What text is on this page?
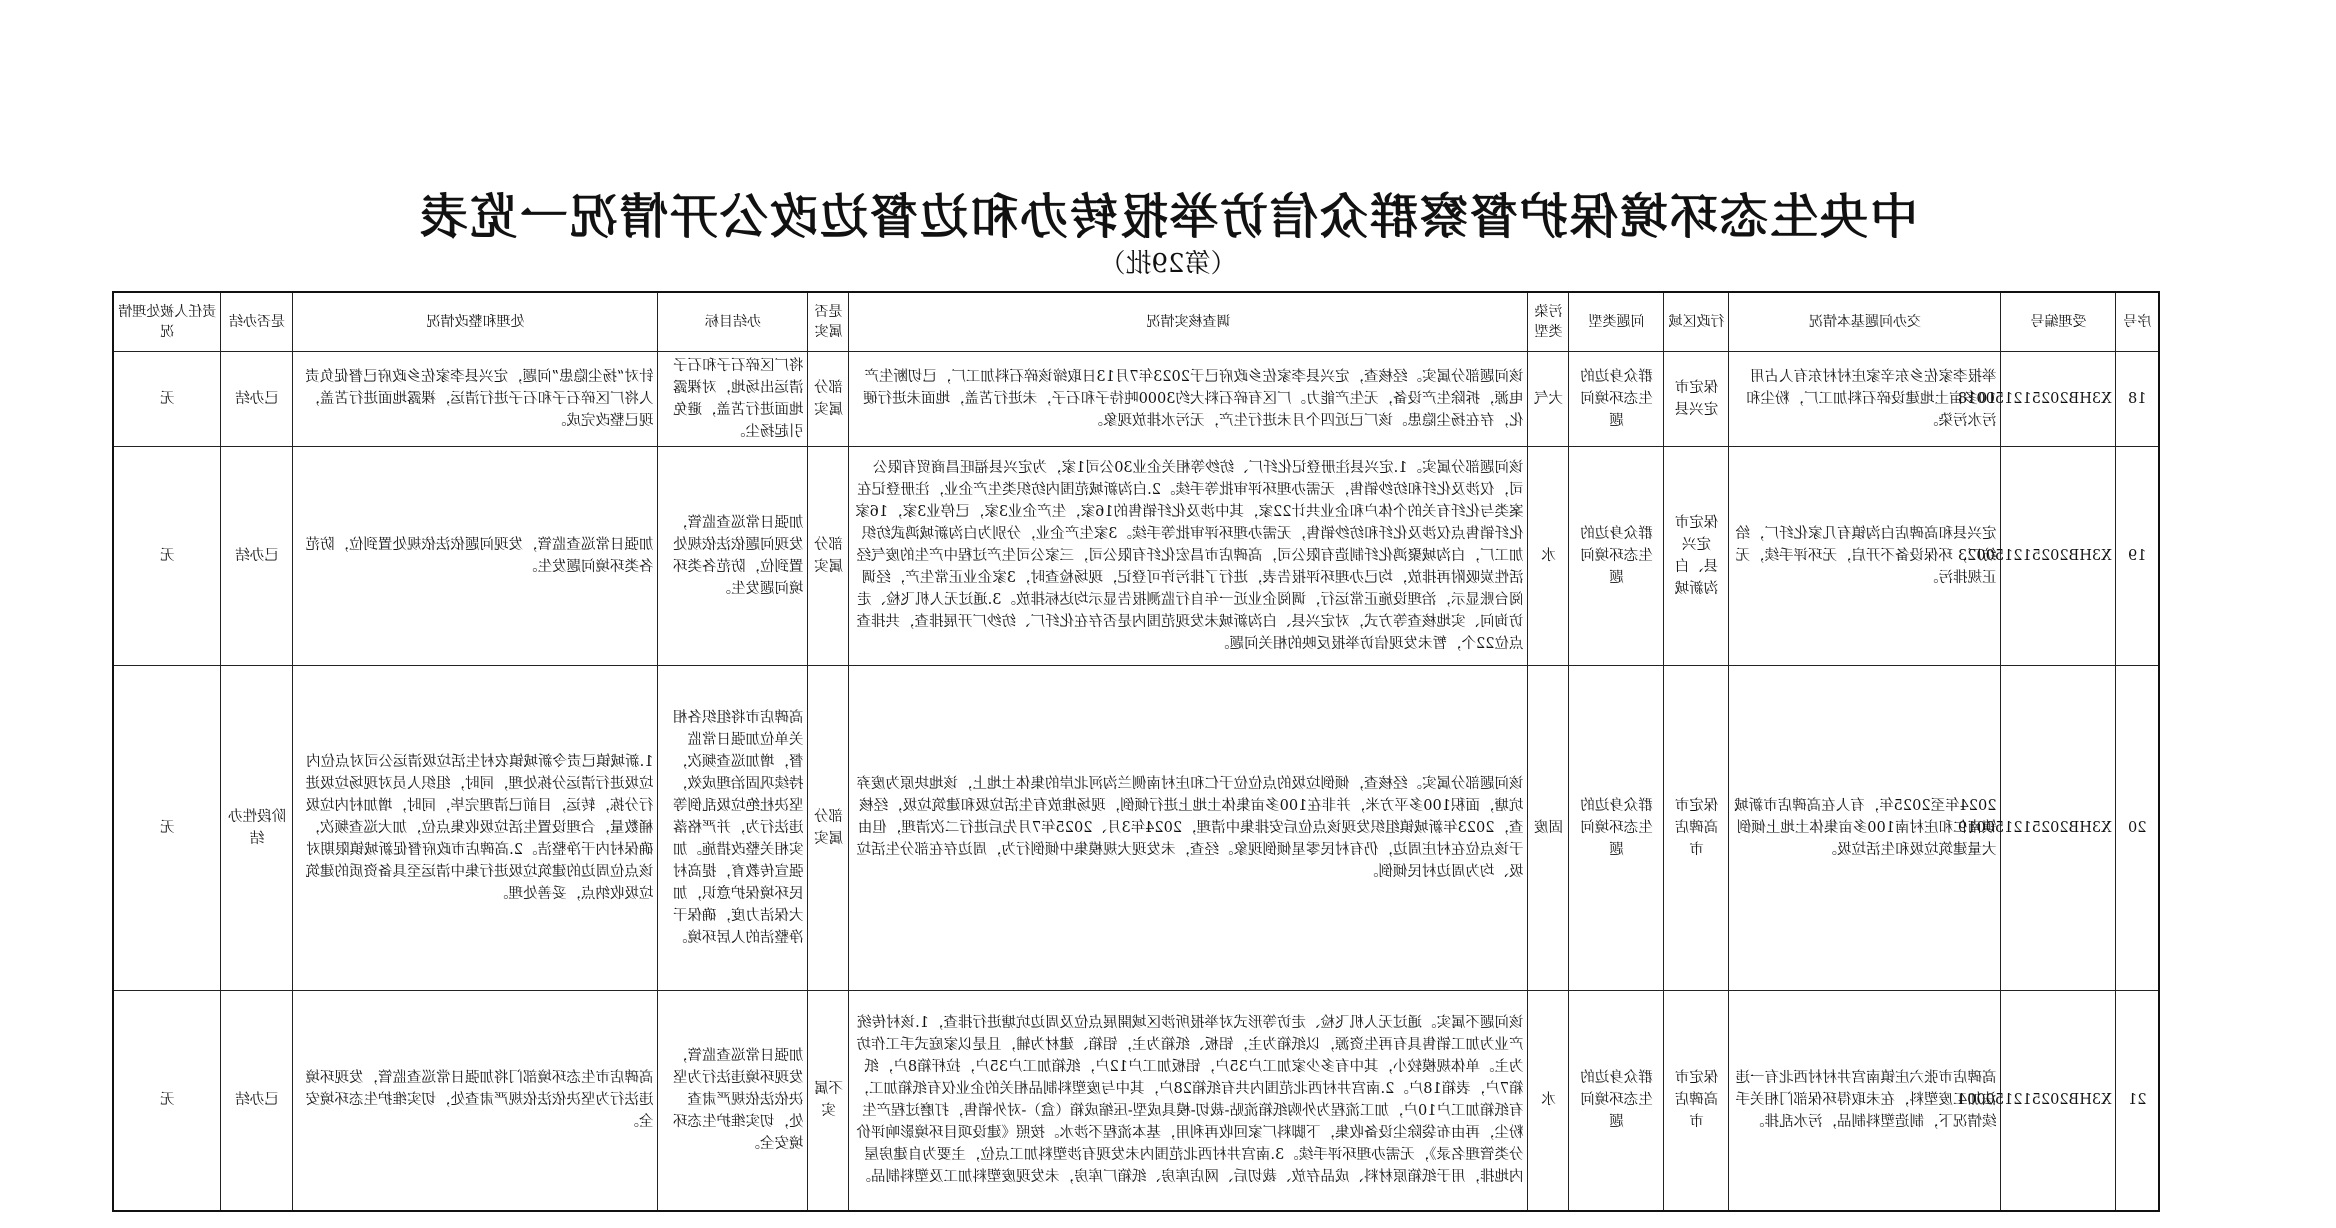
中央生态环境保护督察群众信访举报转办和边督边改公开情况一览表
（第29批）
序号	受理编号	交办问题基本情况	行政区域	问题类型	污染类型	调查核实情况	是否属实	办结目标	处理和整改情况	是否办结	责任人被处理情况
18	X3HB202512150018	举报李家佐乡东辛家庄村村东有人占用10多亩土地建设碎石料加工厂，粉尘和污水污染。	保定市定兴县	群众身边的生态环境问题	大气	该问题部分属实。经核查，定兴县李家佐乡政府已于2023年7月13日取缔该碎石料加工厂，已切断生产电源，拆除生产设备，无生产能力。厂区有碎石料大约3000吨待子和石子，未进行苫盖，地面未进行硬化，存在扬尘隐患。该厂已近四个月未进行生产，无污水排放现象。	部分属实	将厂区碎石子和石子清运出场地，对裸露地面进行苫盖，避免引起扬尘。	针对“扬尘隐患”问题，定兴县李家佐乡政府已督促负责人将厂区碎石子和石子进行清运，裸露地面进行苫盖，现已整改完成。	已办结	无
19	X3HB202512150023	定兴县和高碑店白沟镇有几家化纤厂，给纺厂，环保设备不开启，无环评手续，无正规排污。	保定市定兴县、白沟新城	群众身边的生态环境问题	水	该问题部分属实。1.定兴县注册登记化纤厂、纺纱等相关企业30公司1家，为定兴县福旺昌商贸有限公司，仅涉及化纤和纺纱销售，无需办理环评审批等手续。2.白沟新城范围内纺织类生产企业，注册登记在案类与化纤有关的个体户和企业共计22家，其中涉及化纤销售的16家，生产企业3家，已停业3家，16家化纤销售点仅涉及化纤和纺纱销售，无需办理环评审批等手续。3家生产企业，分别为白沟新城鸿武纺织加工厂，白沟城聚鸿化纤制造有限公司，高碑店市昌宏化纤有限公司，三家公司生产过程中产生的废气经活性炭吸附再排放，均已办理环评报告表，进行了排污许可登记，现场检查时，3家企业正常生产，经调阅台账显示，治理设施正常运行，调阅企业近一年自行监测报告显示均达标排放。3.通过无人机飞检、走访询问、实地核查等方式，对定兴县、白沟新城未发现范围内是否存在化纤厂、纺纱厂开展排查，共排查点位22个，暂未发现信访举报反映的相关问题。	部分属实	加强日常巡查监管，发现问题依法依规处置到位，防范各类环境问题发生。	加强日常巡查监管，发现问题依法依规处置到位，防范各类环境问题发生。	已办结	无
20	X3HB202512150019	2024年至2025年，有人在高碑店市新城镇南仁和庄村南100多亩集体土地上倾倒大量建筑垃圾和生活垃圾。	保定市高碑店市	群众身边的生态环境问题	固废	该问题部分属实。经核查，倾倒垃圾的点位位于仁和庄村南侧兰沟河北岸的集体土地上，该地块原为废弃坑塘，面积100多平方米，并非在100多亩集体土地上进行倾倒，现场堆放有生活垃圾和建筑垃圾，经核查，2023年新城镇组织发现该点位后安排集中清理，2024年3月、2025年7月先后进行二次清理，但由于该点位在村庄周边，仍有村民零星倾倒现象。经查，未发现大规模集中倾倒行为，周边存在部分生活垃圾、均为周边村民倾倒。	部分属实	高碑店市将组织各相关单位加强日常监督，增加巡查频次，持续巩固治理成效，坚决杜绝垃圾乱倒等违法行为，并严格落实相关整改措施。加强宣传教育，提高村民环境保护意识，加大保洁力度，确保干净整洁的人居环境。	1.新城镇已责令新城镇农村生活垃圾清运公司对点位内垃圾进行清运分拣处理，同时，组织人员对现场垃圾进行分拣，转运，目前已清理完毕，同时，增加村内垃圾桶数量，合理设置生活垃圾收集点位，加大巡查频次，确保村内干净整洁。2.高碑店市政府督促新城镇限期对该点位周边的建筑垃圾进行集中清运至具备资质的建筑垃圾收纳点，妥善处理。	阶段性办结	无
21	X3HB202512150004	高碑店市张六庄镇南宫井村村西北有一违法加工废塑料，在未取得环保部门相关手续情况下，制造塑料制品，污水乱排。	保定市高碑店市	群众身边的生态环境问题	水	该问题不属实。通过无人机飞检、走访等形式对举报所涉区域開展点位及周边坑塘进行排查，1.该村传统产业为加工销售具有再生资源，以纸箱为主，铝板、纸箱为主，铝箱、建材为辅，且是以家庭式手工作坊为主。单体规模较小，其中有多少家加工户35户，铝板加工户12户，纸箱加工户35户，拉杆箱8户，纸箱7户，表箱18户。2.南宫井村西北范围内共有纸箱28户，其中与废塑料制品相关的企业仅有纸箱加工，有纸箱加工户10户，加工流程为外购纸箱流贴-裁切-模具成型-压缩成箱（盒）-对外销售，打磨过程产生粉尘，再由布袋除尘设备收集，下脚料厂家回收再利用，基本流程不涉水。按照《建设项目环境影响评价分类管理名录》，无需办理环评手续。3.南宫井村西北范围内未发现有涉塑料加工点位，主要为自建房屋内地排，用于纸箱原材料、成品存放、裁切后、网店库房、纸箱厂库房，未发现废塑料加工及塑料制品。	不属实	加强日常巡查监管，发现环境违法行为坚决依法依规严肃查处，切实维护生态环境安全。	高碑店市生态环境部门将加强日常巡查监管，发现环境违法行为坚决依法依规严肃查处，切实维护生态环境安全。	已办结	无
